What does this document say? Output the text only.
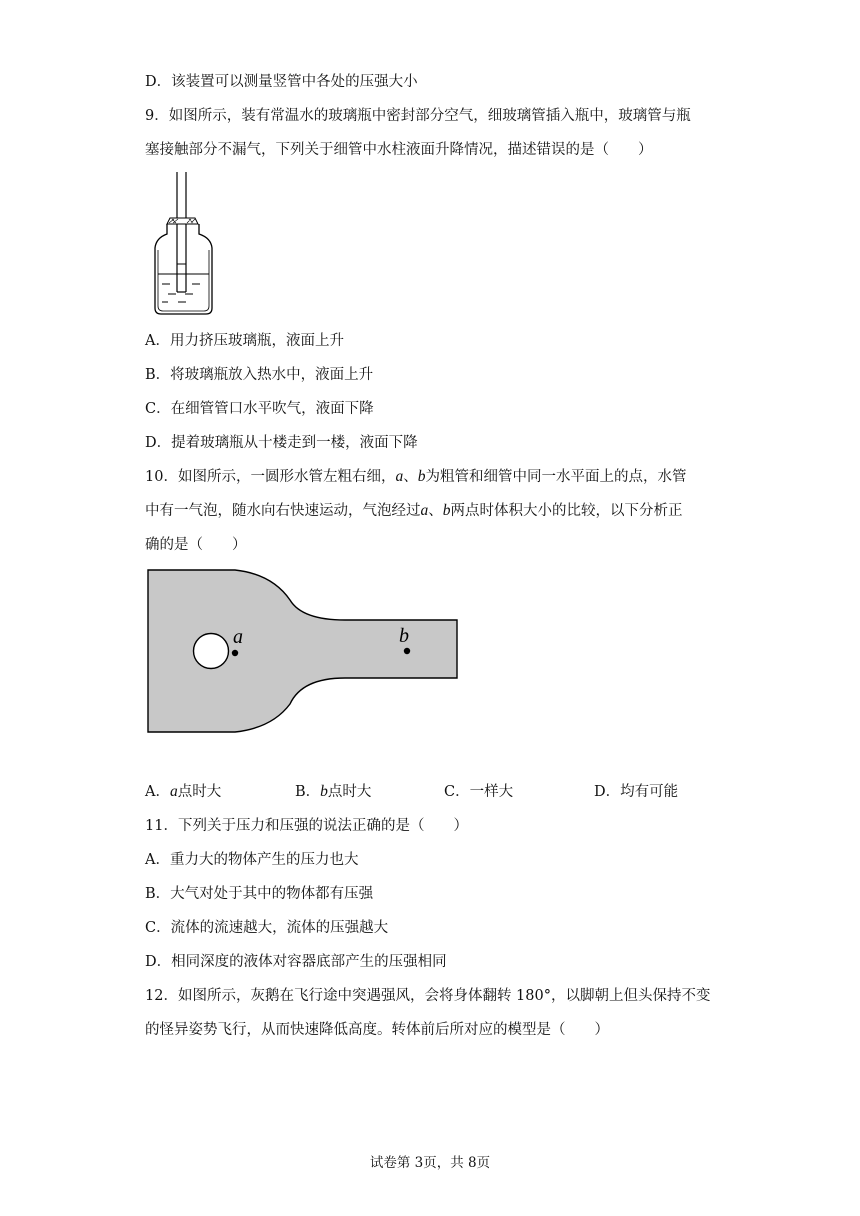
D．该装置可以测量竖管中各处的压强大小
9．如图所示，装有常温水的玻璃瓶中密封部分空气，细玻璃管插入瓶中，玻璃管与瓶
塞接触部分不漏气，下列关于细管中水柱液面升降情况，描述错误的是（　　）
A．用力挤压玻璃瓶，液面上升
B．将玻璃瓶放入热水中，液面上升
C．在细管管口水平吹气，液面下降
D．提着玻璃瓶从十楼走到一楼，液面下降
10．如图所示，一圆形水管左粗右细，a、b为粗管和细管中同一水平面上的点，水管
中有一气泡，随水向右快速运动，气泡经过a、b两点时体积大小的比较，以下分析正
确的是（　　）
a	b
A．a点时大	B．b点时大	C．一样大	D．均有可能
11．下列关于压力和压强的说法正确的是（　　）
A．重力大的物体产生的压力也大
B．大气对处于其中的物体都有压强
C．流体的流速越大，流体的压强越大
D．相同深度的液体对容器底部产生的压强相同
12．如图所示，灰鹅在飞行途中突遇强风，会将身体翻转 180°，以脚朝上但头保持不变
的怪异姿势飞行，从而快速降低高度。转体前后所对应的模型是（　　）
试卷第 3页，共 8页
